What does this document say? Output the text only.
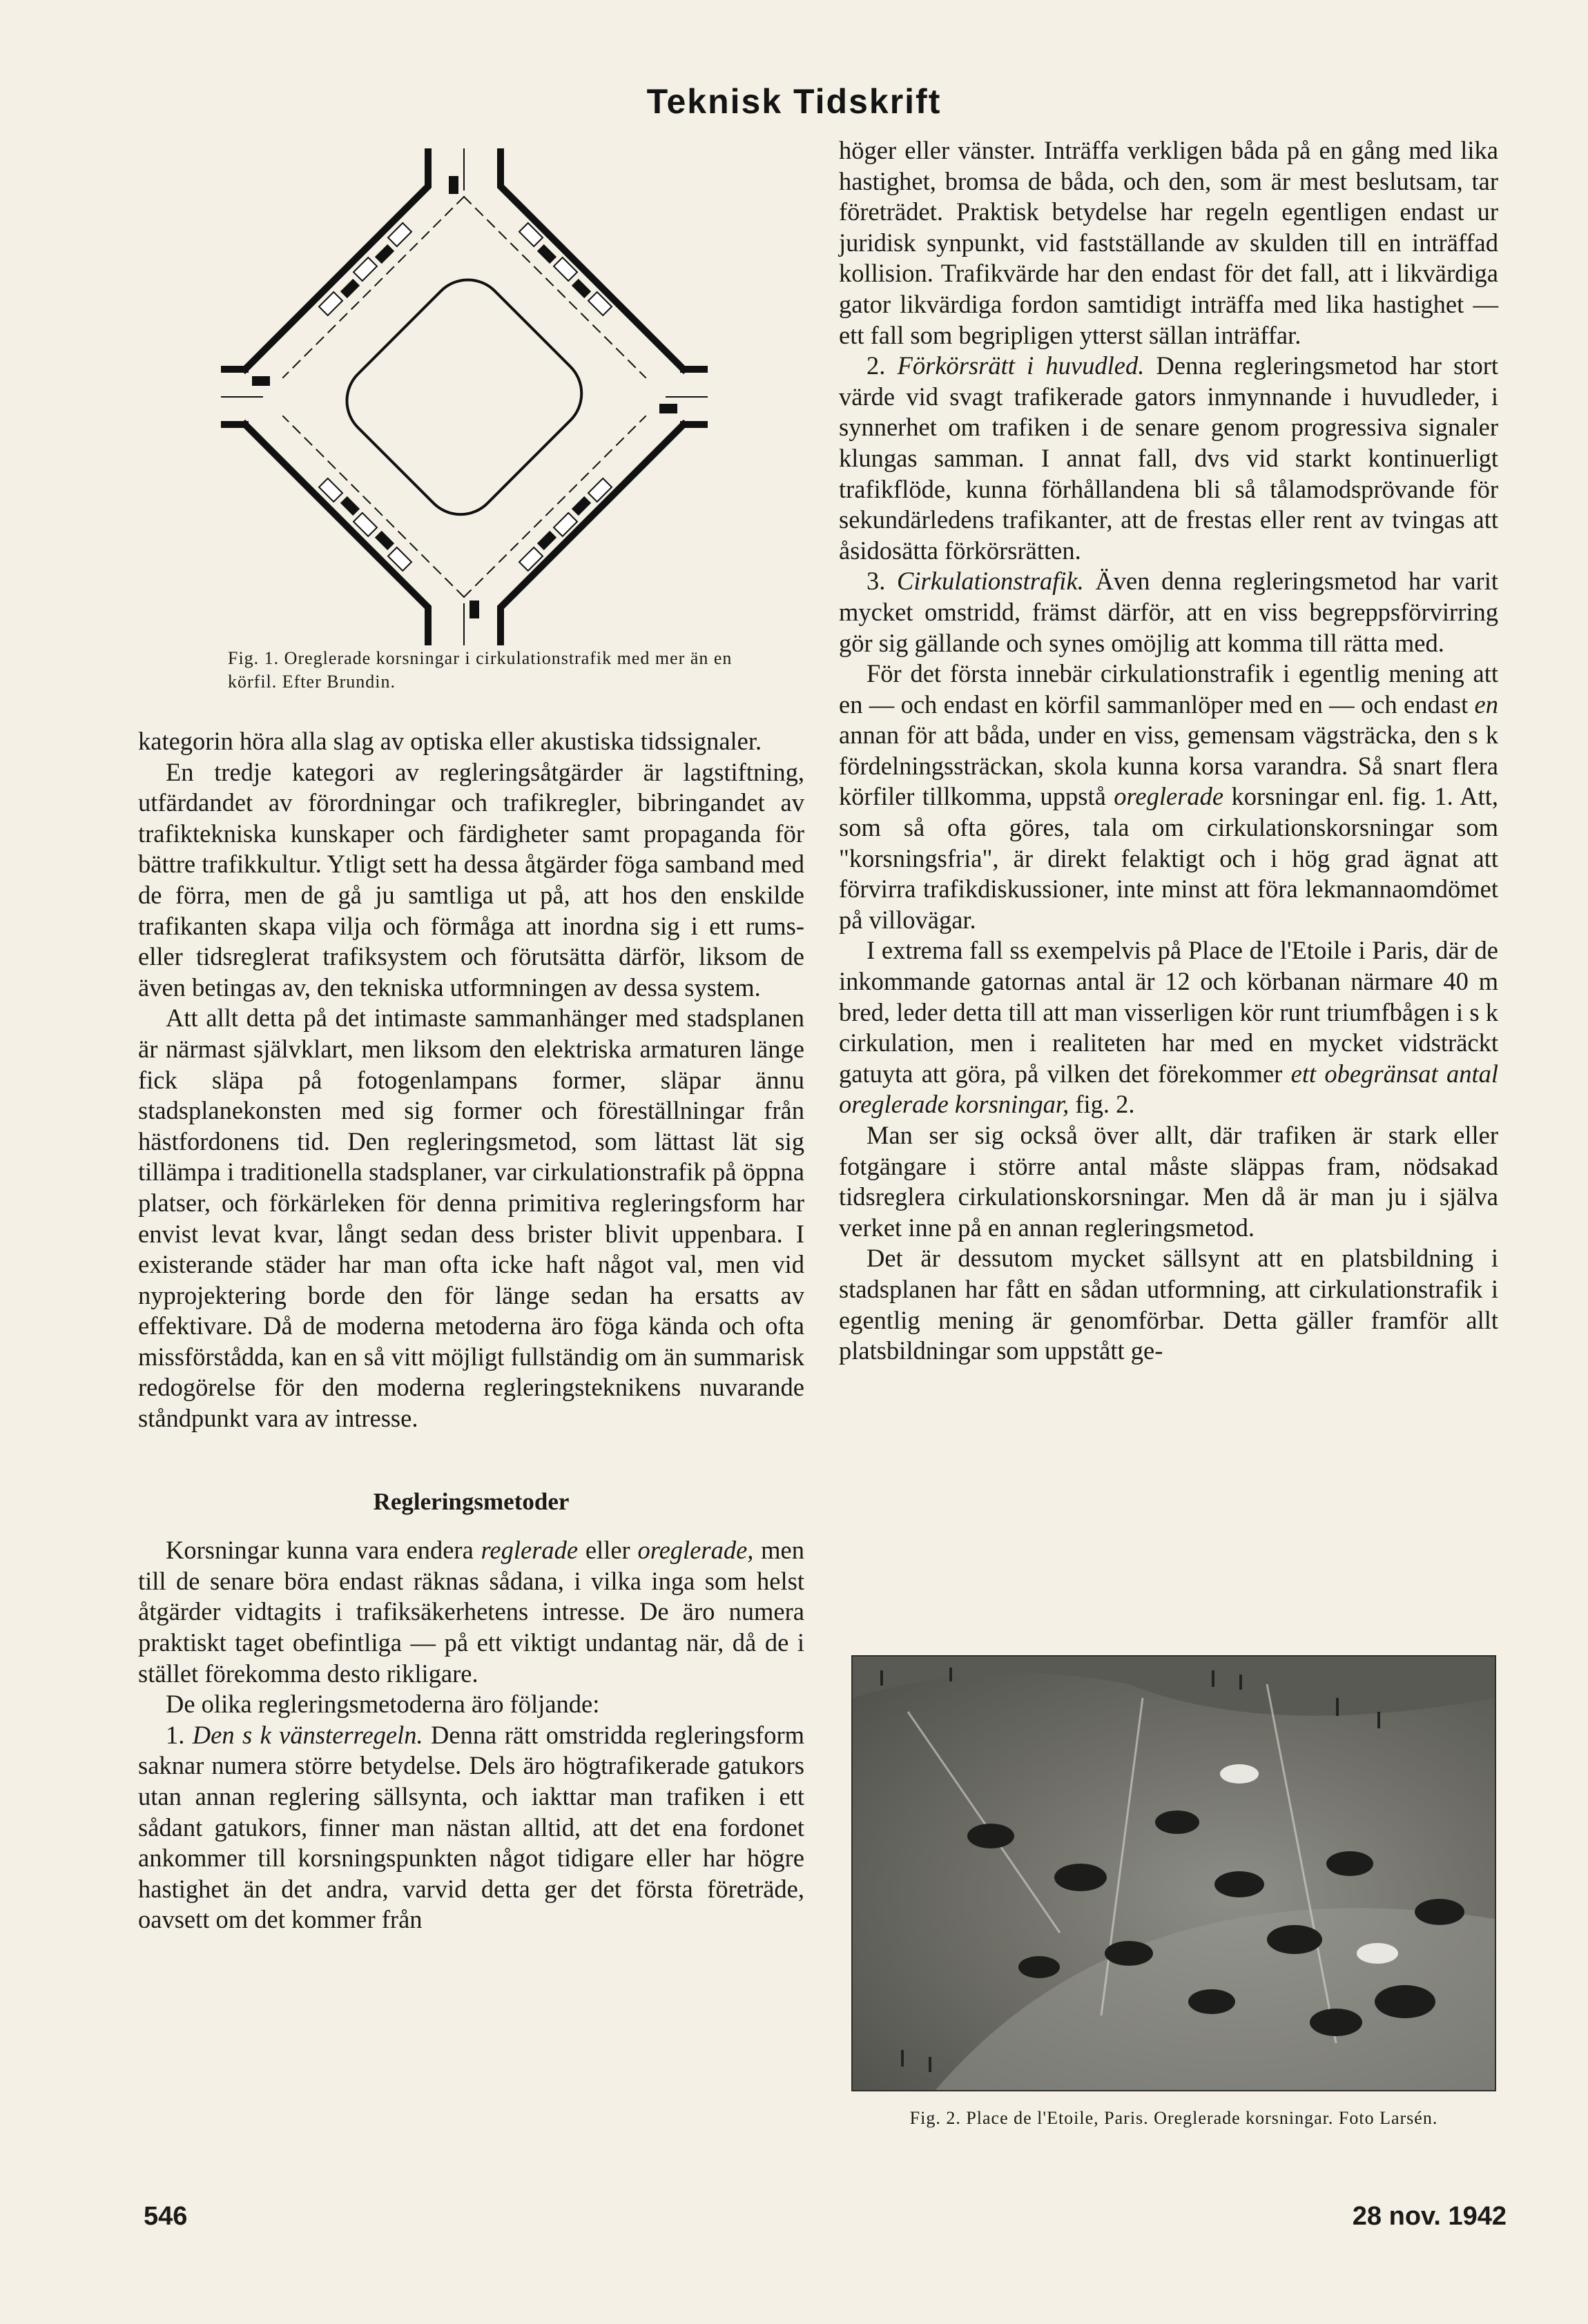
Teknisk Tidskrift
Fig. 1. Oreglerade korsningar i cirkulationstrafik med mer än en körfil. Efter Brundin.

kategorin höra alla slag av optiska eller akustiska tidssignaler.

En tredje kategori av regleringsåtgärder är lagstiftning, utfärdandet av förordningar och trafikregler, bibringandet av trafiktekniska kunskaper och färdigheter samt propaganda för bättre trafikkultur. Ytligt sett ha dessa åtgärder föga samband med de förra, men de gå ju samtliga ut på, att hos den enskilde trafikanten skapa vilja och förmåga att inordna sig i ett rums- eller tidsreglerat trafiksystem och förutsätta därför, liksom de även betingas av, den tekniska utformningen av dessa system.

Att allt detta på det intimaste sammanhänger med stadsplanen är närmast självklart, men liksom den elektriska armaturen länge fick släpa på fotogenlampans former, släpar ännu stadsplanekonsten med sig former och föreställningar från hästfordonens tid. Den regleringsmetod, som lättast lät sig tillämpa i traditionella stadsplaner, var cirkulationstrafik på öppna platser, och förkärleken för denna primitiva regleringsform har envist levat kvar, långt sedan dess brister blivit uppenbara. I existerande städer har man ofta icke haft något val, men vid nyprojektering borde den för länge sedan ha ersatts av effektivare. Då de moderna metoderna äro föga kända och ofta missförstådda, kan en så vitt möjligt fullständig om än summarisk redogörelse för den moderna regleringsteknikens nuvarande ståndpunkt vara av intresse.

Regleringsmetoder

Korsningar kunna vara endera reglerade eller oreglerade, men till de senare böra endast räknas sådana, i vilka inga som helst åtgärder vidtagits i trafiksäkerhetens intresse. De äro numera praktiskt taget obefintliga — på ett viktigt undantag när, då de i stället förekomma desto rikligare.

De olika regleringsmetoderna äro följande:

1. Den s k vänsterregeln. Denna rätt omstridda regleringsform saknar numera större betydelse. Dels äro högtrafikerade gatukors utan annan reglering sällsynta, och iakttar man trafiken i ett sådant gatukors, finner man nästan alltid, att det ena fordonet ankommer till korsningspunkten något tidigare eller har högre hastighet än det andra, varvid detta ger det första företräde, oavsett om det kommer från

höger eller vänster. Inträffa verkligen båda på en gång med lika hastighet, bromsa de båda, och den, som är mest beslutsam, tar företrädet. Praktisk betydelse har regeln egentligen endast ur juridisk synpunkt, vid fastställande av skulden till en inträffad kollision. Trafikvärde har den endast för det fall, att i likvärdiga gator likvärdiga fordon samtidigt inträffa med lika hastighet — ett fall som begripligen ytterst sällan inträffar.

2. Förkörsrätt i huvudled. Denna regleringsmetod har stort värde vid svagt trafikerade gators inmynnande i huvudleder, i synnerhet om trafiken i de senare genom progressiva signaler klungas samman. I annat fall, dvs vid starkt kontinuerligt trafikflöde, kunna förhållandena bli så tålamodsprövande för sekundärledens trafikanter, att de frestas eller rent av tvingas att åsidosätta förkörsrätten.

3. Cirkulationstrafik. Även denna regleringsmetod har varit mycket omstridd, främst därför, att en viss begreppsförvirring gör sig gällande och synes omöjlig att komma till rätta med.

För det första innebär cirkulationstrafik i egentlig mening att en — och endast en körfil sammanlöper med en — och endast en annan för att båda, under en viss, gemensam vägsträcka, den s k fördelningssträckan, skola kunna korsa varandra. Så snart flera körfiler tillkomma, uppstå oreglerade korsningar enl. fig. 1. Att, som så ofta göres, tala om cirkulationskorsningar som "korsningsfria", är direkt felaktigt och i hög grad ägnat att förvirra trafikdiskussioner, inte minst att föra lekmannaomdömet på villovägar.

I extrema fall ss exempelvis på Place de l'Etoile i Paris, där de inkommande gatornas antal är 12 och körbanan närmare 40 m bred, leder detta till att man visserligen kör runt triumfbågen i s k cirkulation, men i realiteten har med en mycket vidsträckt gatuyta att göra, på vilken det förekommer ett obegränsat antal oreglerade korsningar, fig. 2.

Man ser sig också över allt, där trafiken är stark eller fotgängare i större antal måste släppas fram, nödsakad tidsreglera cirkulationskorsningar. Men då är man ju i själva verket inne på en annan regleringsmetod.

Det är dessutom mycket sällsynt att en platsbildning i stadsplanen har fått en sådan utformning, att cirkulationstrafik i egentlig mening är genomförbar. Detta gäller framför allt platsbildningar som uppstått ge-

Fig. 2. Place de l'Etoile, Paris. Oreglerade korsningar. Foto Larsén.
546	28 nov. 1942
